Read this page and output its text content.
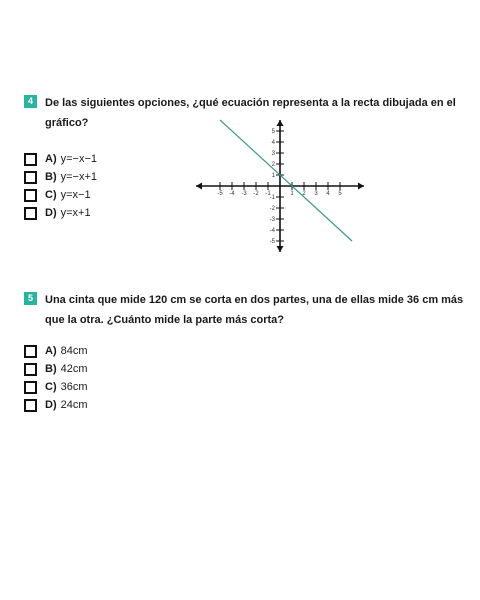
4	De las siguientes opciones, ¿qué ecuación representa a la recta dibujada en el gráfico?
A) y=−x−1
B) y=−x+1
C) y=x−1
D) y=x+1
-5 -4 -3 -2 -1	1 2 3 4 5
5
4
3
2
1
-1
-2
-3
-4
-5
5	Una cinta que mide 120 cm se corta en dos partes, una de ellas mide 36 cm más que la otra. ¿Cuánto mide la parte más corta?
A) 84cm
B) 42cm
C) 36cm
D) 24cm
